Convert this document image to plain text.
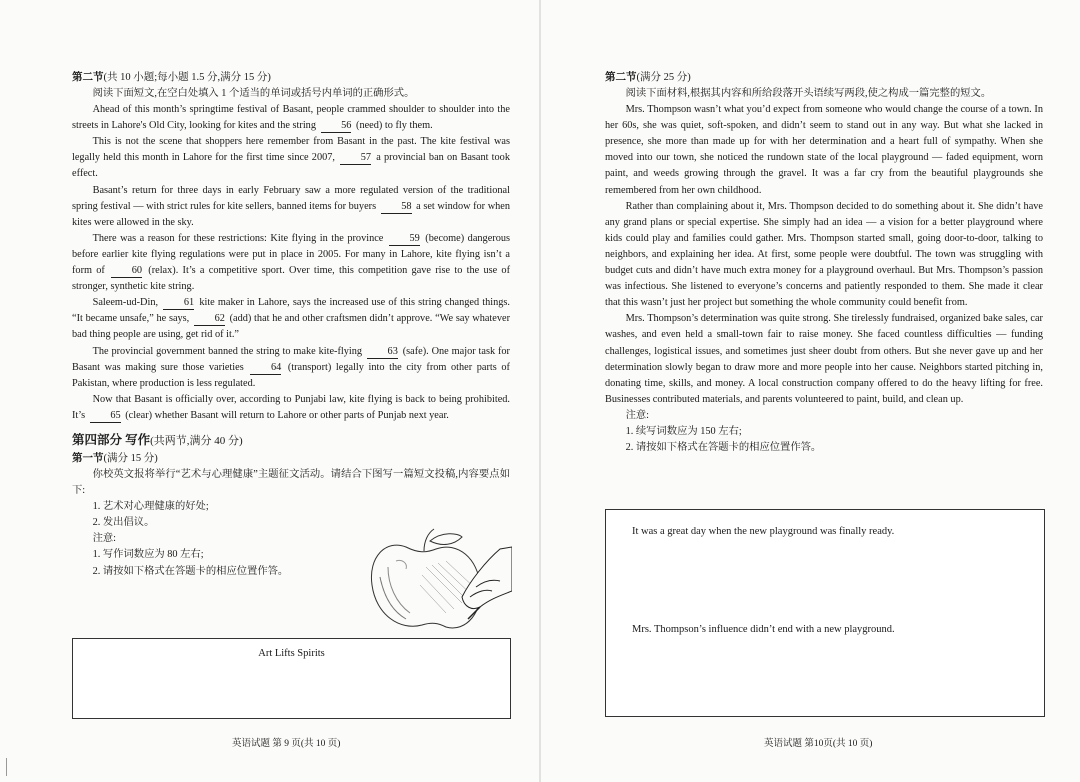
第二节(共 10 小题;每小题 1.5 分,满分 15 分)

阅读下面短文,在空白处填入 1 个适当的单词或括号内单词的正确形式。

Ahead of this month’s springtime festival of Basant, people crammed shoulder to shoulder into the streets in Lahore's Old City, looking for kites and the string 56 (need) to fly them.

This is not the scene that shoppers here remember from Basant in the past. The kite festival was legally held this month in Lahore for the first time since 2007,	57 a provincial ban on Basant took effect.

Basant’s return for three days in early February saw a more regulated version of the traditional spring festival — with strict rules for kite sellers, banned items for buyers 58 a set window for when kites were allowed in the sky.

There was a reason for these restrictions: Kite flying in the province	59 (become) dangerous before earlier kite flying regulations were put in place in 2005. For many in Lahore, kite flying isn’t a form of	60 (relax). It’s a competitive sport. Over time, this competition gave rise to the use of stronger, synthetic kite string.

Saleem-ud-Din,	61 kite maker in Lahore, says the increased use of this string changed things. “It became unsafe,” he says, 62 (add) that he and other craftsmen didn’t approve. “We say whatever bad thing people are using, get rid of it.”

The provincial government banned the string to make kite-flying 63 (safe). One major task for Basant was making sure those varieties	64 (transport) legally into the city from other parts of Pakistan, where production is less regulated.

Now that Basant is officially over, according to Punjabi law, kite flying is back to being prohibited. It’s 65 (clear) whether Basant will return to Lahore or other parts of Punjab next year.

第四部分 写作(共两节,满分 40 分)
第一节(满分 15 分)

你校英文报将举行“艺术与心理健康”主题征文活动。请结合下图写一篇短文投稿,内容要点如下:

1. 艺术对心理健康的好处;
2. 发出倡议。
注意:
1. 写作词数应为 80 左右;
2. 请按如下格式在答题卡的相应位置作答。
Art Lifts Spirits
第二节(满分 25 分)

阅读下面材料,根据其内容和所给段落开头语续写两段,使之构成一篇完整的短文。

Mrs. Thompson wasn’t what you’d expect from someone who would change the course of a town. In her 60s, she was quiet, soft-spoken, and didn’t seem to stand out in any way. But what she lacked in presence, she more than made up for with her determination and a heart full of sympathy. When she moved into our town, she noticed the rundown state of the local playground — faded equipment, worn paint, and weeds growing through the gravel. It was a far cry from the beautiful playgrounds she remembered from her own childhood.

Rather than complaining about it, Mrs. Thompson decided to do something about it. She didn’t have any grand plans or special expertise. She simply had an idea — a vision for a better playground where kids could play and families could gather. Mrs. Thompson started small, going door-to-door, talking to neighbors, and explaining her idea. At first, some people were doubtful. The town was struggling with budget cuts and didn’t have much extra money for a playground overhaul. But Mrs. Thompson’s passion was infectious. She listened to everyone’s concerns and patiently responded to them. She made it clear that this wasn’t just her project but something the whole community could benefit from.

Mrs. Thompson’s determination was quite strong. She tirelessly fundraised, organized bake sales, car washes, and even held a small-town fair to raise money. She faced countless difficulties — funding challenges, logistical issues, and sometimes just sheer doubt from others. But she never gave up and her determination slowly began to draw more and more people into her cause. Neighbors started pitching in, donating time, skills, and money. A local construction company offered to do the heavy lifting for free. Businesses contributed materials, and parents volunteered to paint, build, and clean up.

注意:
1. 续写词数应为 150 左右;
2. 请按如下格式在答题卡的相应位置作答。
It was a great day when the new playground was finally ready.
Mrs. Thompson’s influence didn’t end with a new playground.
英语试题 第 9 页(共 10 页)	英语试题 第10页(共 10 页)
